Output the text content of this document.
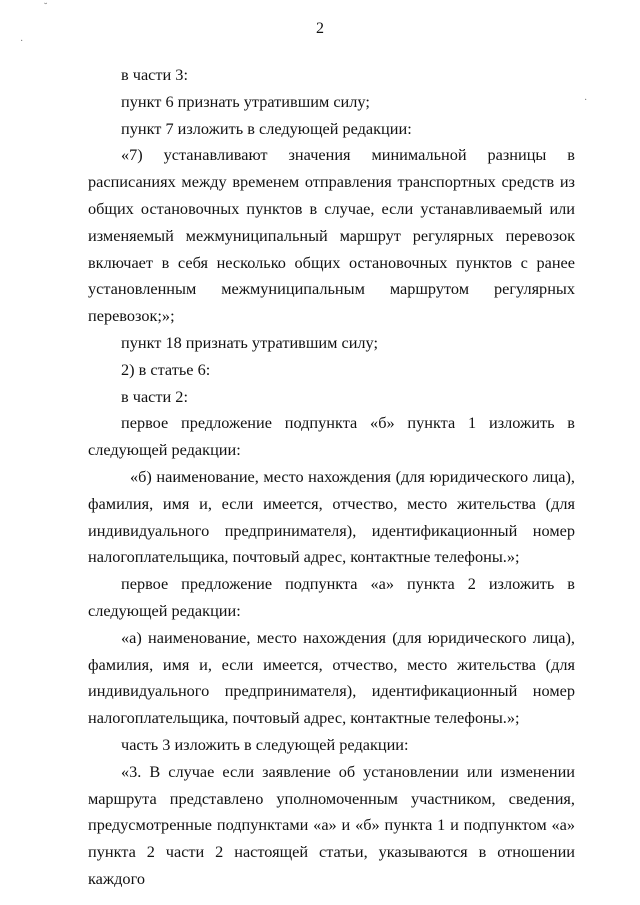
˘
·
·
2

в части 3:

пункт 6 признать утратившим силу;

пункт 7 изложить в следующей редакции:

«7) устанавливают значения минимальной разницы в расписаниях между временем отправления транспортных средств из общих остановочных пунктов в случае, если устанавливаемый или изменяемый межмуниципальный маршрут регулярных перевозок включает в себя несколько общих остановочных пунктов с ранее установленным межмуниципальным маршрутом регулярных перевозок;»;

пункт 18 признать утратившим силу;

2) в статье 6:

в части 2:

первое предложение подпункта «б» пункта 1 изложить в следующей редакции:

«б) наименование, место нахождения (для юридического лица), фамилия, имя и, если имеется, отчество, место жительства (для индивидуального предпринимателя), идентификационный номер налогоплательщика, почтовый адрес, контактные телефоны.»;

первое предложение подпункта «а» пункта 2 изложить в следующей редакции:

«а) наименование, место нахождения (для юридического лица), фамилия, имя и, если имеется, отчество, место жительства (для индивидуального предпринимателя), идентификационный номер налогоплательщика, почтовый адрес, контактные телефоны.»;

часть 3 изложить в следующей редакции:

«3. В случае если заявление об установлении или изменении маршрута представлено уполномоченным участником, сведения, предусмотренные подпунктами «а» и «б» пункта 1 и подпунктом «а» пункта 2 части 2 настоящей статьи, указываются в отношении каждого
